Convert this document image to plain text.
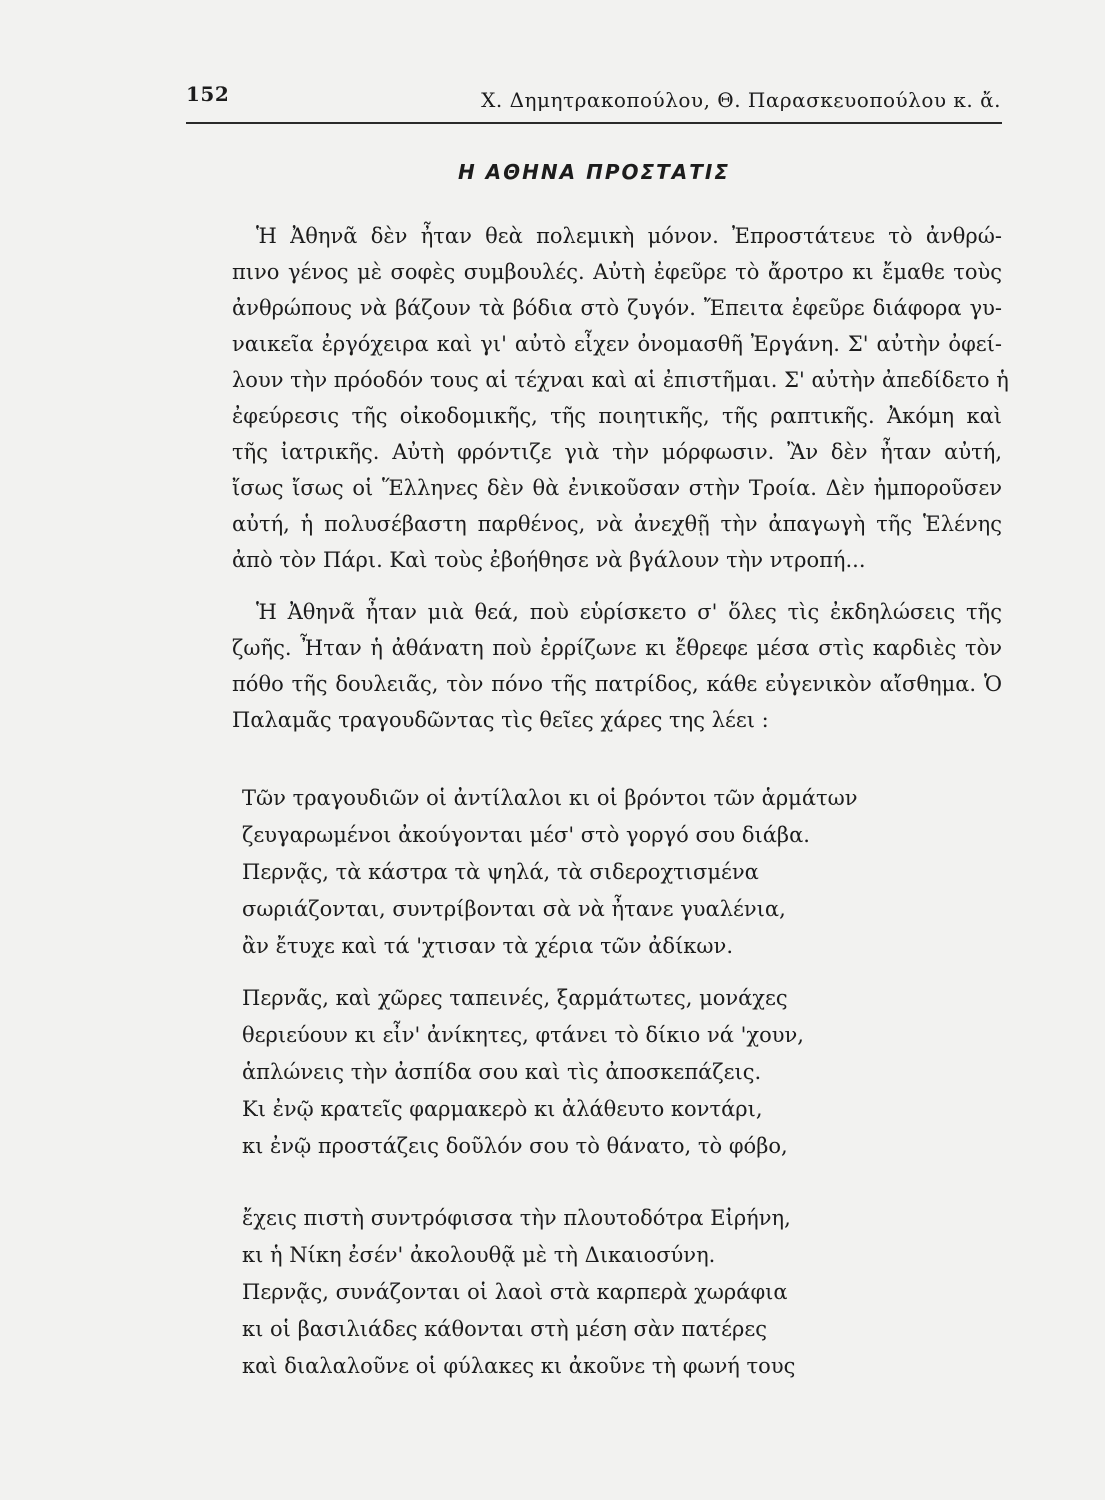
152	Χ. Δημητρακοπούλου, Θ. Παρασκευοπούλου κ. ἄ.
Η ΑΘΗΝΑ ΠΡΟΣΤΑΤΙΣ
Ἡ Ἀθηνᾶ δὲν ἦταν θεὰ πολεμικὴ μόνον. Ἐπροστάτευε τὸ ἀνθρώ-
πινο γένος μὲ σοφὲς συμβουλές. Αὐτὴ ἐφεῦρε τὸ ἄροτρο κι ἔμαθε τοὺς
ἀνθρώπους νὰ βάζουν τὰ βόδια στὸ ζυγόν. Ἔπειτα ἐφεῦρε διάφορα γυ-
ναικεῖα ἐργόχειρα καὶ γι' αὐτὸ εἶχεν ὀνομασθῆ Ἐργάνη. Σ' αὐτὴν ὀφεί-
λουν τὴν πρόοδόν τους αἱ τέχναι καὶ αἱ ἐπιστῆμαι. Σ' αὐτὴν ἀπεδίδετο ἡ
ἐφεύρεσις τῆς οἰκοδομικῆς, τῆς ποιητικῆς, τῆς ραπτικῆς. Ἀκόμη καὶ
τῆς ἰατρικῆς. Αὐτὴ φρόντιζε γιὰ τὴν μόρφωσιν. Ἂν δὲν ἦταν αὐτή,
ἴσως ἴσως οἱ Ἕλληνες δὲν θὰ ἐνικοῦσαν στὴν Τροία. Δὲν ἠμποροῦσεν
αὐτή, ἡ πολυσέβαστη παρθένος, νὰ ἀνεχθῇ τὴν ἀπαγωγὴ τῆς Ἑλένης
ἀπὸ τὸν Πάρι. Καὶ τοὺς ἐβοήθησε νὰ βγάλουν τὴν ντροπή...
Ἡ Ἀθηνᾶ ἦταν μιὰ θεά, ποὺ εὑρίσκετο σ' ὅλες τὶς ἐκδηλώσεις τῆς
ζωῆς. Ἦταν ἡ ἀθάνατη ποὺ ἐρρίζωνε κι ἔθρεφε μέσα στὶς καρδιὲς τὸν
πόθο τῆς δουλειᾶς, τὸν πόνο τῆς πατρίδος, κάθε εὐγενικὸν αἴσθημα. Ὁ
Παλαμᾶς τραγουδῶντας τὶς θεῖες χάρες της λέει :
Τῶν τραγουδιῶν οἱ ἀντίλαλοι κι οἱ βρόντοι τῶν ἁρμάτων
ζευγαρωμένοι ἀκούγονται μέσ' στὸ γοργό σου διάβα.
Περνᾷς, τὰ κάστρα τὰ ψηλά, τὰ σιδεροχτισμένα
σωριάζονται, συντρίβονται σὰ νὰ ἦτανε γυαλένια,
ἂν ἔτυχε καὶ τά 'χτισαν τὰ χέρια τῶν ἀδίκων.
Περνᾶς, καὶ χῶρες ταπεινές, ξαρμάτωτες, μονάχες
θεριεύουν κι εἶν' ἀνίκητες, φτάνει τὸ δίκιο νά 'χουν,
ἁπλώνεις τὴν ἀσπίδα σου καὶ τὶς ἀποσκεπάζεις.
Κι ἐνῷ κρατεῖς φαρμακερὸ κι ἀλάθευτο κοντάρι,
κι ἐνῷ προστάζεις δοῦλόν σου τὸ θάνατο, τὸ φόβο,
ἔχεις πιστὴ συντρόφισσα τὴν πλουτοδότρα Εἰρήνη,
κι ἡ Νίκη ἐσέν' ἀκολουθᾷ μὲ τὴ Δικαιοσύνη.
Περνᾷς, συνάζονται οἱ λαοὶ στὰ καρπερὰ χωράφια
κι οἱ βασιλιάδες κάθονται στὴ μέση σὰν πατέρες
καὶ διαλαλοῦνε οἱ φύλακες κι ἀκοῦνε τὴ φωνή τους
